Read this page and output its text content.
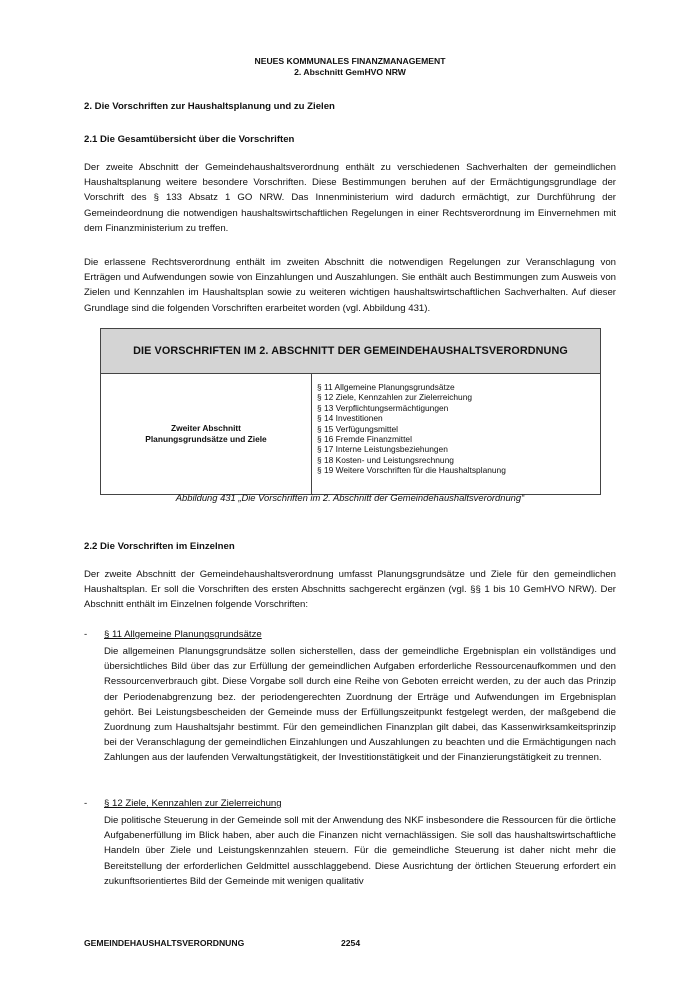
NEUES KOMMUNALES FINANZMANAGEMENT
2. Abschnitt GemHVO NRW
2. Die Vorschriften zur Haushaltsplanung und zu Zielen
2.1 Die Gesamtübersicht über die Vorschriften

Der zweite Abschnitt der Gemeindehaushaltsverordnung enthält zu verschiedenen Sachverhalten der gemeindlichen Haushaltsplanung weitere besondere Vorschriften. Diese Bestimmungen beruhen auf der Ermächtigungsgrundlage der Vorschrift des § 133 Absatz 1 GO NRW. Das Innenministerium wird dadurch ermächtigt, zur Durchführung der Gemeindeordnung die notwendigen haushaltswirtschaftlichen Regelungen in einer Rechtsverordnung im Einvernehmen mit dem Finanzministerium zu treffen.

Die erlassene Rechtsverordnung enthält im zweiten Abschnitt die notwendigen Regelungen zur Veranschlagung von Erträgen und Aufwendungen sowie von Einzahlungen und Auszahlungen. Sie enthält auch Bestimmungen zum Ausweis von Zielen und Kennzahlen im Haushaltsplan sowie zu weiteren wichtigen haushaltswirtschaftlichen Sachverhalten. Auf dieser Grundlage sind die folgenden Vorschriften erarbeitet worden (vgl. Abbildung 431).

DIE VORSCHRIFTEN IM 2. ABSCHNITT DER GEMEINDEHAUSHALTSVERORDNUNG

Zweiter Abschnitt
Planungsgrundsätze und Ziele

§ 11 Allgemeine Planungsgrundsätze
§ 12 Ziele, Kennzahlen zur Zielerreichung
§ 13 Verpflichtungsermächtigungen
§ 14 Investitionen
§ 15 Verfügungsmittel
§ 16 Fremde Finanzmittel
§ 17 Interne Leistungsbeziehungen
§ 18 Kosten- und Leistungsrechnung
§ 19 Weitere Vorschriften für die Haushaltsplanung
Abbildung 431 „Die Vorschriften im 2. Abschnitt der Gemeindehaushaltsverordnung“
2.2 Die Vorschriften im Einzelnen

Der zweite Abschnitt der Gemeindehaushaltsverordnung umfasst Planungsgrundsätze und Ziele für den gemeindlichen Haushaltsplan. Er soll die Vorschriften des ersten Abschnitts sachgerecht ergänzen (vgl. §§ 1 bis 10 GemHVO NRW). Der Abschnitt enthält im Einzelnen folgende Vorschriften:

- § 11 Allgemeine Planungsgrundsätze

Die allgemeinen Planungsgrundsätze sollen sicherstellen, dass der gemeindliche Ergebnisplan ein vollständiges und übersichtliches Bild über das zur Erfüllung der gemeindlichen Aufgaben erforderliche Ressourcenaufkommen und den Ressourcenverbrauch gibt. Diese Vorgabe soll durch eine Reihe von Geboten erreicht werden, zu der auch das Prinzip der Periodenabgrenzung bez. der periodengerechten Zuordnung der Erträge und Aufwendungen im Ergebnisplan gehört. Bei Leistungsbescheiden der Gemeinde muss der Erfüllungszeitpunkt festgelegt werden, der maßgebend die Zuordnung zum Haushaltsjahr bestimmt. Für den gemeindlichen Finanzplan gilt dabei, das Kassenwirksamkeitsprinzip bei der Veranschlagung der gemeindlichen Einzahlungen und Auszahlungen zu beachten und die Ermächtigungen nach Zahlungen aus der laufenden Verwaltungstätigkeit, der Investitionstätigkeit und der Finanzierungstätigkeit zu trennen.

- § 12 Ziele, Kennzahlen zur Zielerreichung

Die politische Steuerung in der Gemeinde soll mit der Anwendung des NKF insbesondere die Ressourcen für die örtliche Aufgabenerfüllung im Blick haben, aber auch die Finanzen nicht vernachlässigen. Sie soll das haushaltswirtschaftliche Handeln über Ziele und Leistungskennzahlen steuern. Für die gemeindliche Steuerung ist daher nicht mehr die Bereitstellung der erforderlichen Geldmittel ausschlaggebend. Diese Ausrichtung der örtlichen Steuerung erfordert ein zukunftsorientiertes Bild der Gemeinde mit wenigen qualitativ

GEMEINDEHAUSHALTSVERORDNUNG	2254
